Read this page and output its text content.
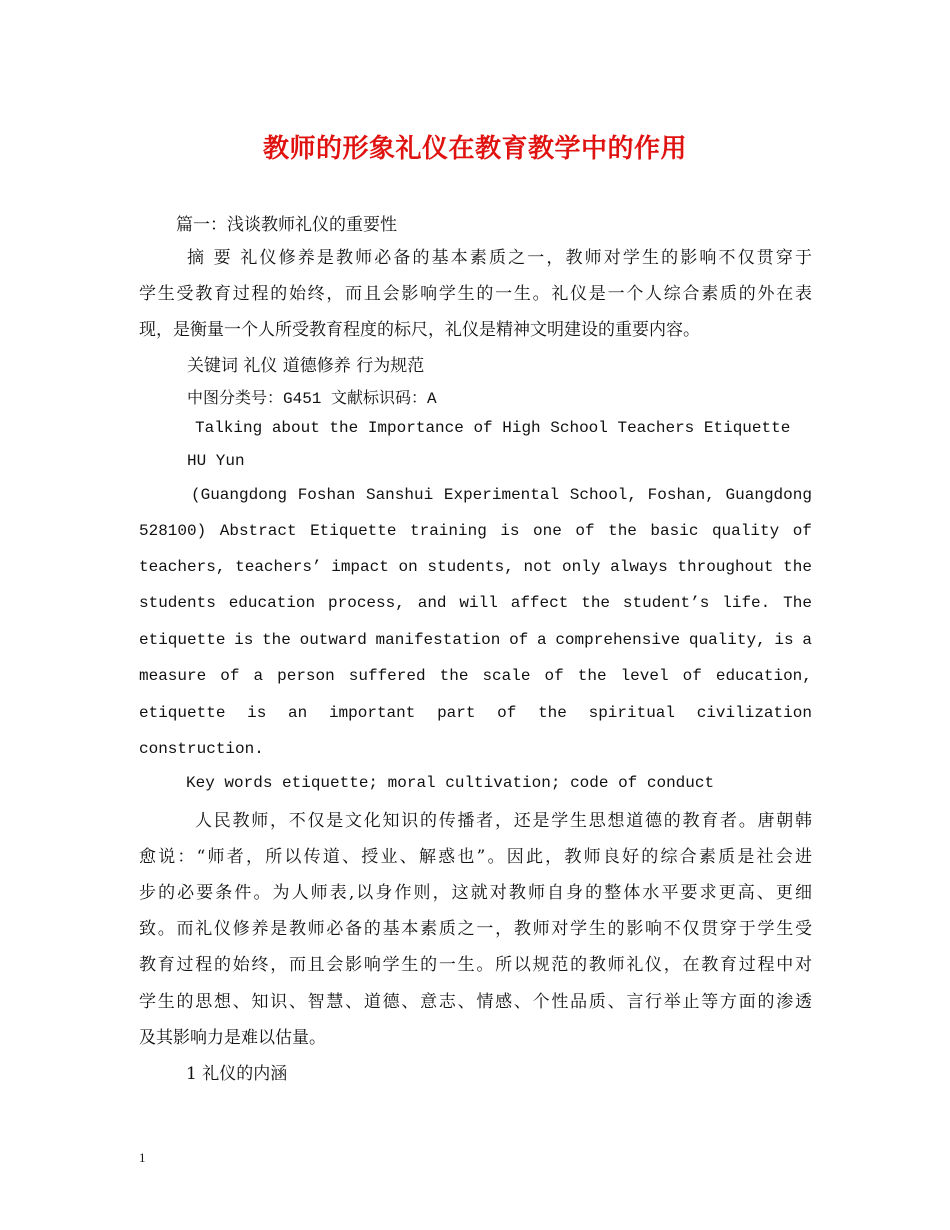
教师的形象礼仪在教育教学中的作用
篇一：浅谈教师礼仪的重要性
摘 要 礼仪修养是教师必备的基本素质之一，教师对学生的影响不仅贯穿于
学生受教育过程的始终，而且会影响学生的一生。礼仪是一个人综合素质的外在表
现，是衡量一个人所受教育程度的标尺，礼仪是精神文明建设的重要内容。
关键词 礼仪 道德修养 行为规范
中图分类号：G451 文献标识码：A
Talking about the Importance of High School Teachers Etiquette
HU Yun
(Guangdong Foshan Sanshui Experimental School, Foshan, Guangdong
528100) Abstract Etiquette training is one of the basic quality of
teachers, teachers’ impact on students, not only always throughout the
students education process, and will affect the student’s life. The
etiquette is the outward manifestation of a comprehensive quality, is a
measure of a person suffered the scale of the level of education,
etiquette is an important part of the spiritual civilization
construction.
Key words etiquette; moral cultivation; code of conduct
人民教师，不仅是文化知识的传播者，还是学生思想道德的教育者。唐朝韩
愈说：“师者，所以传道、授业、解惑也”。因此，教师良好的综合素质是社会进
步的必要条件。为人师表,以身作则，这就对教师自身的整体水平要求更高、更细
致。而礼仪修养是教师必备的基本素质之一，教师对学生的影响不仅贯穿于学生受
教育过程的始终，而且会影响学生的一生。所以规范的教师礼仪，在教育过程中对
学生的思想、知识、智慧、道德、意志、情感、个性品质、言行举止等方面的渗透
及其影响力是难以估量。
1 礼仪的内涵
1
